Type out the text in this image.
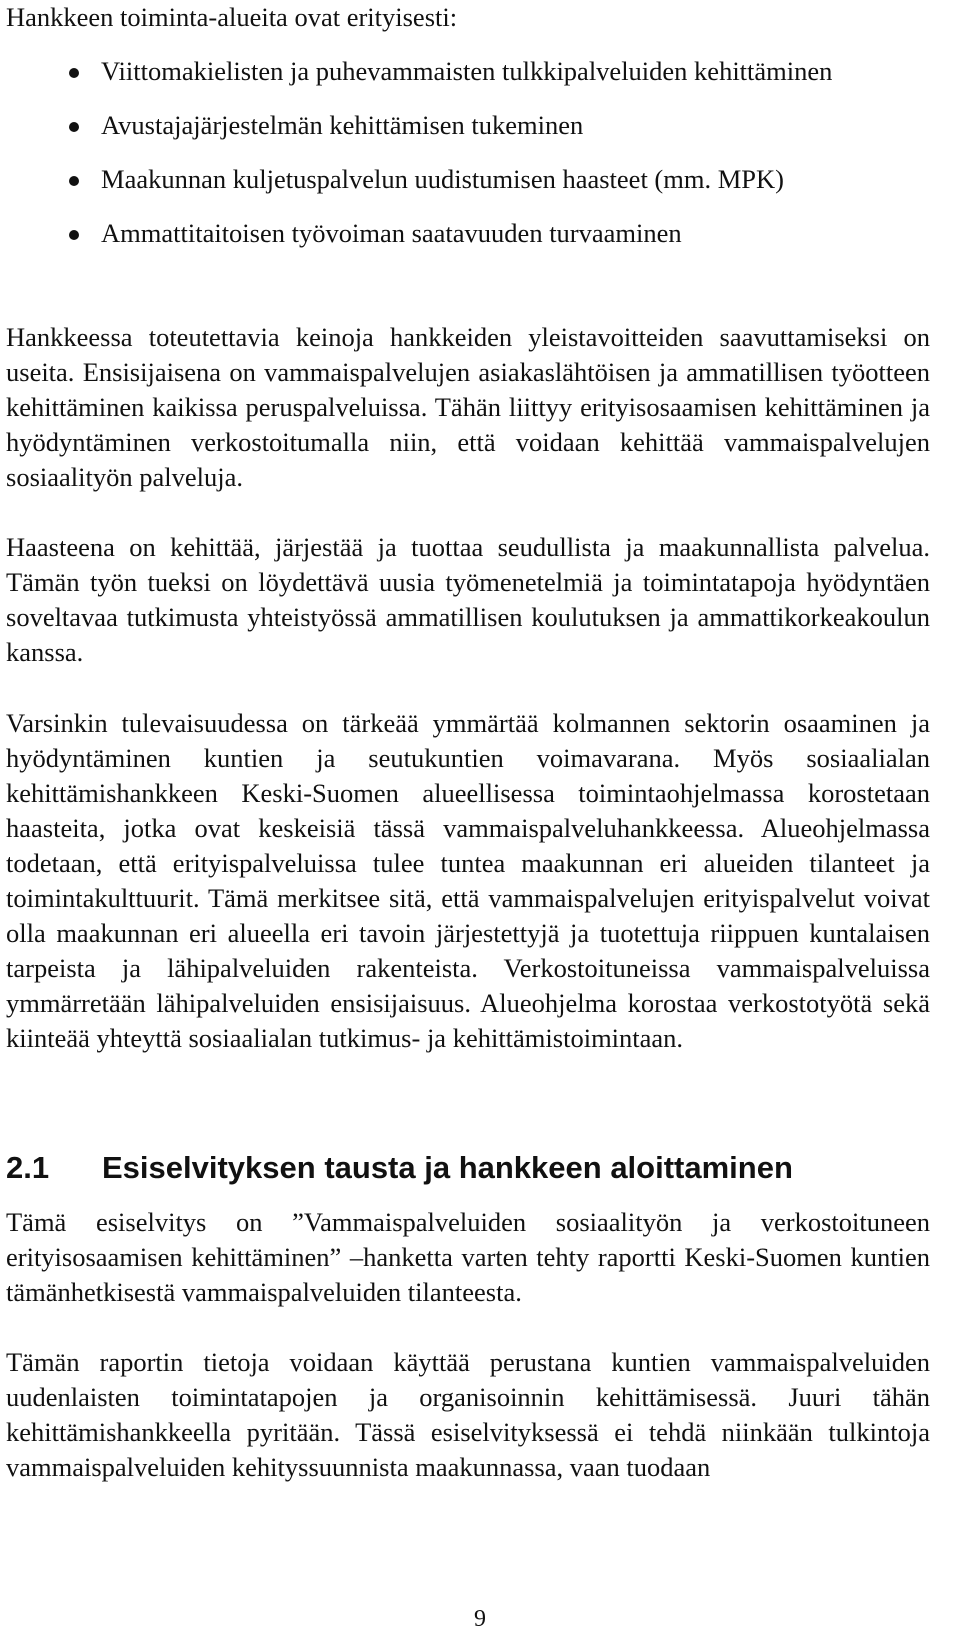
Hankkeen toiminta-alueita ovat erityisesti:
Viittomakielisten ja puhevammaisten tulkkipalveluiden kehittäminen
Avustajajärjestelmän kehittämisen tukeminen
Maakunnan kuljetuspalvelun uudistumisen haasteet (mm. MPK)
Ammattitaitoisen työvoiman saatavuuden turvaaminen
Hankkeessa toteutettavia keinoja hankkeiden yleistavoitteiden saavuttamiseksi on useita. Ensisijaisena on vammaispalvelujen asiakaslähtöisen ja ammatillisen työotteen kehittäminen kaikissa peruspalveluissa. Tähän liittyy erityisosaamisen kehittäminen ja hyödyntäminen verkostoitumalla niin, että voidaan kehittää vammaispalvelujen sosiaalityön palveluja.
Haasteena on kehittää, järjestää ja tuottaa seudullista ja maakunnallista palvelua. Tämän työn tueksi on löydettävä uusia työmenetelmiä ja toimintatapoja hyödyntäen soveltavaa tutkimusta yhteistyössä ammatillisen koulutuksen ja ammattikorkeakoulun kanssa.
Varsinkin tulevaisuudessa on tärkeää ymmärtää kolmannen sektorin osaaminen ja hyödyntäminen kuntien ja seutukuntien voimavarana. Myös sosiaalialan kehittämishankkeen Keski-Suomen alueellisessa toimintaohjelmassa korostetaan haasteita, jotka ovat keskeisiä tässä vammaispalveluhankkeessa. Alueohjelmassa todetaan, että erityispalveluissa tulee tuntea maakunnan eri alueiden tilanteet ja toimintakulttuurit. Tämä merkitsee sitä, että vammaispalvelujen erityispalvelut voivat olla maakunnan eri alueella eri tavoin järjestettyjä ja tuotettuja riippuen kuntalaisen tarpeista ja lähipalveluiden rakenteista. Verkostoituneissa vammaispalveluissa ymmärretään lähipalveluiden ensisijaisuus. Alueohjelma korostaa verkostotyötä sekä kiinteää yhteyttä sosiaalialan tutkimus- ja kehittämistoimintaan.
2.1 Esiselvityksen tausta ja hankkeen aloittaminen
Tämä esiselvitys on ”Vammaispalveluiden sosiaalityön ja verkostoituneen erityisosaamisen kehittäminen” –hanketta varten tehty raportti Keski-Suomen kuntien tämänhetkisestä vammaispalveluiden tilanteesta.
Tämän raportin tietoja voidaan käyttää perustana kuntien vammaispalveluiden uudenlaisten toimintatapojen ja organisoinnin kehittämisessä. Juuri tähän kehittämishankkeella pyritään. Tässä esiselvityksessä ei tehdä niinkään tulkintoja vammaispalveluiden kehityssuunnista maakunnassa, vaan tuodaan
9
